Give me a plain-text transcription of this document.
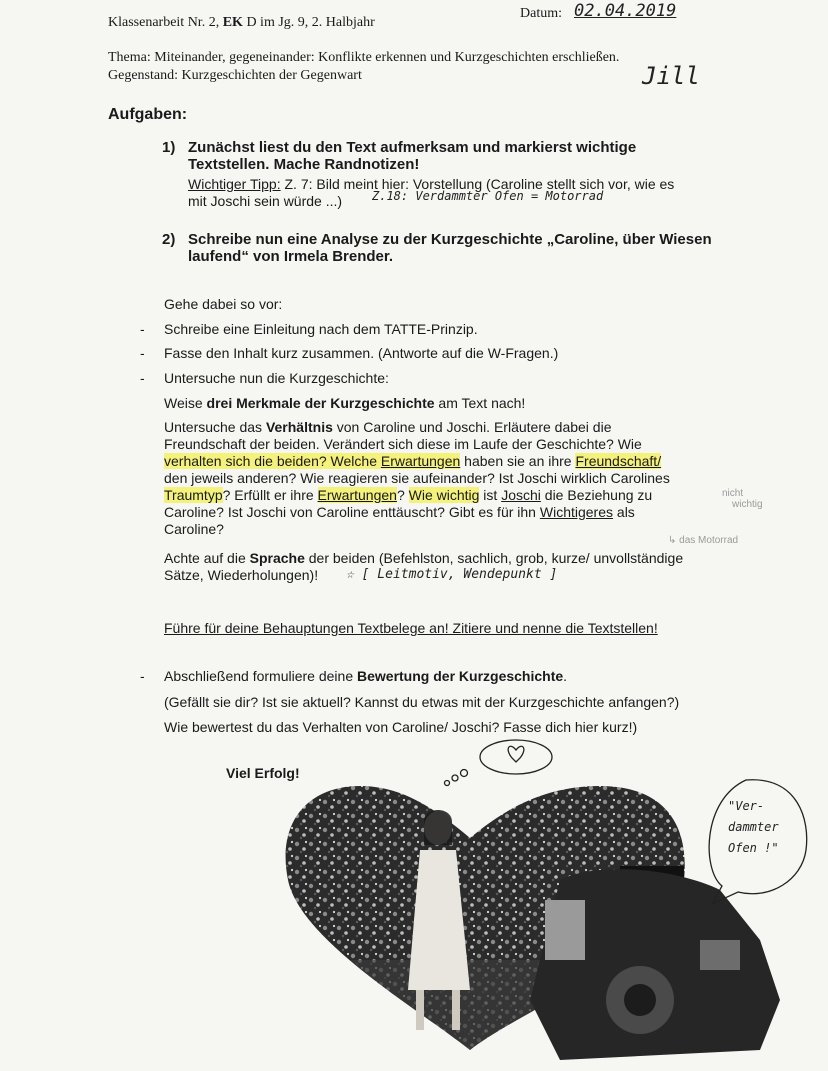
Klassenarbeit Nr. 2, EK D im Jg. 9, 2. Halbjahr
Datum: 02.04.2019
Thema: Miteinander, gegeneinander: Konflikte erkennen und Kurzgeschichten erschließen.
Gegenstand: Kurzgeschichten der Gegenwart	Jill
Aufgaben:
1) Zunächst liest du den Text aufmerksam und markierst wichtige
Textstellen. Mache Randnotizen!
Wichtiger Tipp: Z. 7: Bild meint hier: Vorstellung (Caroline stellt sich vor, wie es
mit Joschi sein würde ...)	Z.18: Verdammter Ofen = Motorrad
2) Schreibe nun eine Analyse zu der Kurzgeschichte „Caroline, über Wiesen
laufend“ von Irmela Brender.
Gehe dabei so vor:
- Schreibe eine Einleitung nach dem TATTE-Prinzip.
- Fasse den Inhalt kurz zusammen. (Antworte auf die W-Fragen.)
- Untersuche nun die Kurzgeschichte:
Weise drei Merkmale der Kurzgeschichte am Text nach!
Untersuche das Verhältnis von Caroline und Joschi. Erläutere dabei die
Freundschaft der beiden. Verändert sich diese im Laufe der Geschichte? Wie
verhalten sich die beiden? Welche Erwartungen haben sie an ihre Freundschaft/
den jeweils anderen? Wie reagieren sie aufeinander? Ist Joschi wirklich Carolines
Traumtyp? Erfüllt er ihre Erwartungen? Wie wichtig ist Joschi die Beziehung zu
Caroline? Ist Joschi von Caroline enttäuscht? Gibt es für ihn Wichtigeres als
Caroline?
nicht
wichtig
↳ das Motorrad
Achte auf die Sprache der beiden (Befehlston, sachlich, grob, kurze/ unvollständige
Sätze, Wiederholungen)!	☆ [ Leitmotiv, Wendepunkt ]
Führe für deine Behauptungen Textbelege an! Zitiere und nenne die Textstellen!
- Abschließend formuliere deine Bewertung der Kurzgeschichte.
(Gefällt sie dir? Ist sie aktuell? Kannst du etwas mit der Kurzgeschichte anfangen?)
Wie bewertest du das Verhalten von Caroline/ Joschi? Fasse dich hier kurz!)
Viel Erfolg!
"Ver-
dammter
Ofen !"
